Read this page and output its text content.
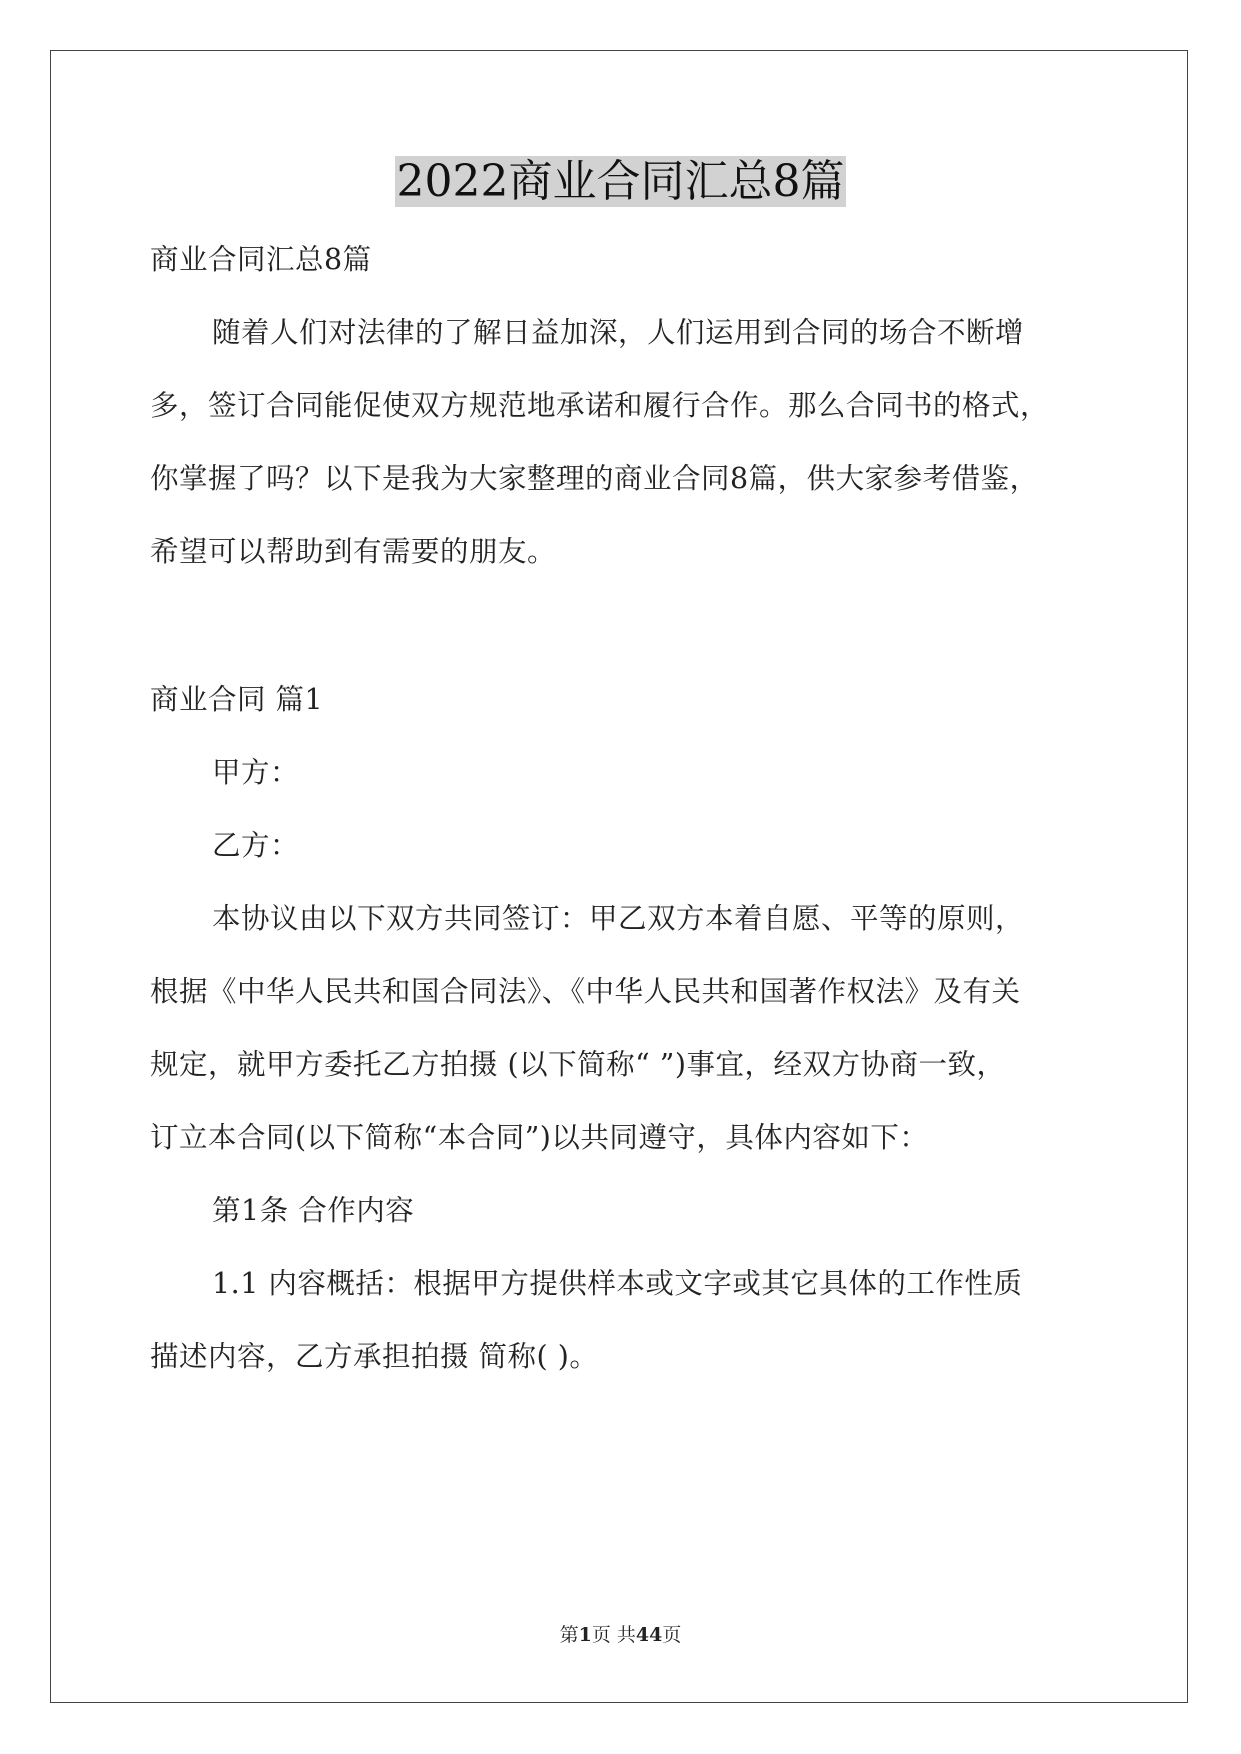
2022商业合同汇总8篇

商业合同汇总8篇

随着人们对法律的了解日益加深，人们运用到合同的场合不断增

多，签订合同能促使双方规范地承诺和履行合作。那么合同书的格式，

你掌握了吗？以下是我为大家整理的商业合同8篇，供大家参考借鉴，

希望可以帮助到有需要的朋友。

商业合同 篇1

甲方：

乙方：

本协议由以下双方共同签订：甲乙双方本着自愿、平等的原则，

根据《中华人民共和国合同法》、《中华人民共和国著作权法》及有关

规定，就甲方委托乙方拍摄 (以下简称“ ”)事宜，经双方协商一致，

订立本合同(以下简称“本合同”)以共同遵守，具体内容如下：

第1条 合作内容

1.1 内容概括：根据甲方提供样本或文字或其它具体的工作性质

描述内容，乙方承担拍摄 简称( )。

第1页 共44页
